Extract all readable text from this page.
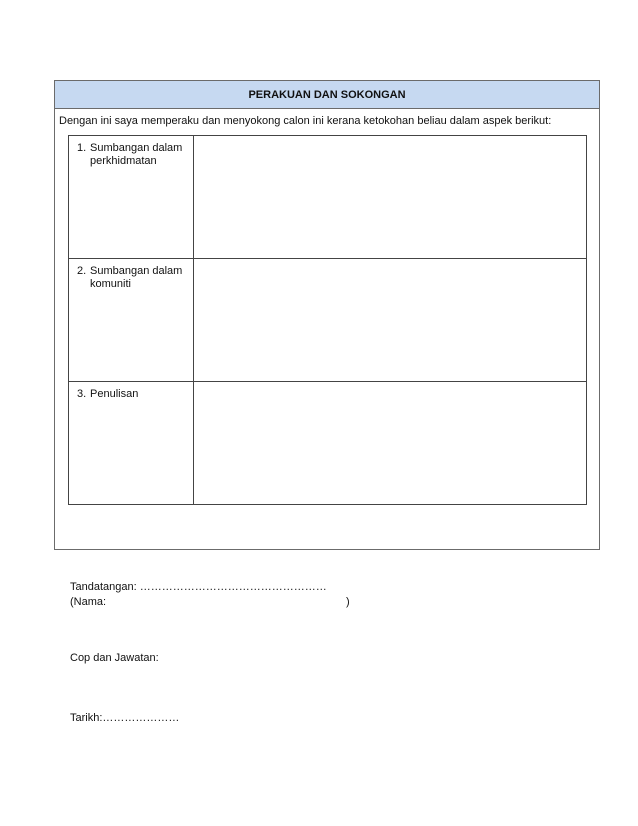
PERAKUAN DAN SOKONGAN
Dengan ini saya memperaku dan menyokong calon ini kerana ketokohan beliau dalam aspek berikut:
1. Sumbangan dalam perkhidmatan	

2. Sumbangan dalam komuniti	

3. Penulisan	

Tandatangan: ……………………………………………
(Nama:	)
Cop dan Jawatan:
Tarikh:…………………
